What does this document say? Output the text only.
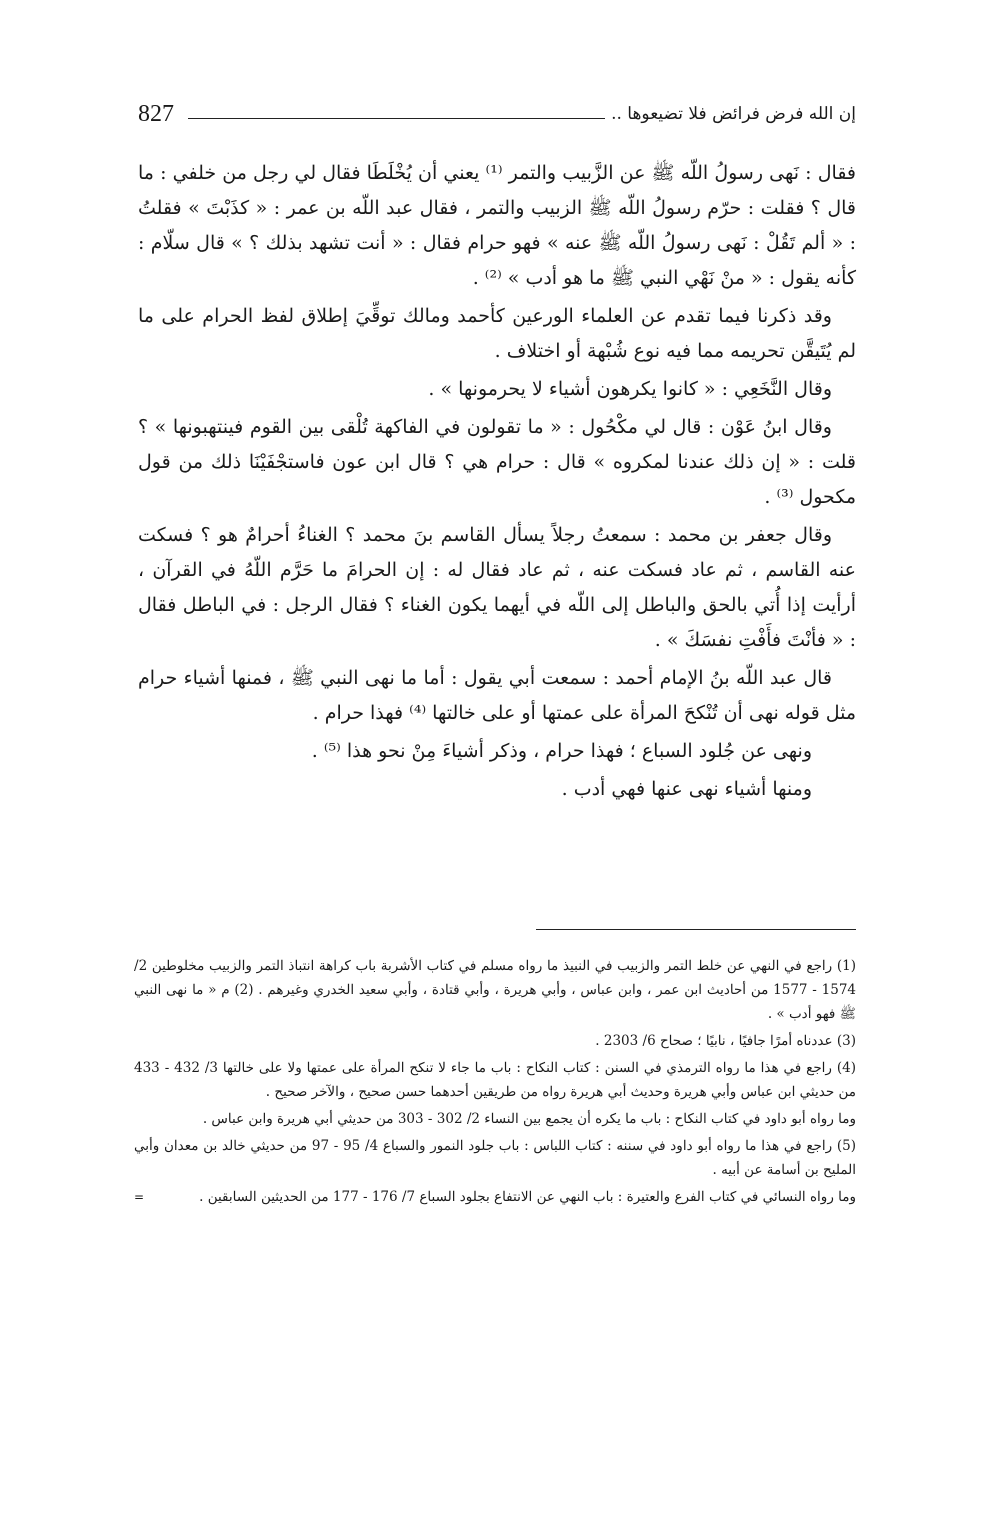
827	إن الله فرض فرائض فلا تضيعوها ..

فقال : نَهى رسولُ اللّه ﷺ عن الزَّبيب والتمر ⁽¹⁾ يعني أن يُخْلَطَا فقال لي رجل من خلفي : ما قال ؟ فقلت : حرّم رسولُ اللّه ﷺ الزبيب والتمر ، فقال عبد اللّه بن عمر : « كذَبْتَ » فقلتُ : « ألم تَقُلْ : نَهى رسولُ اللّه ﷺ عنه » فهو حرام فقال : « أنت تشهد بذلك ؟ » قال سلّام : كأنه يقول : « منْ نَهْي النبي ﷺ ما هو أدب » ⁽²⁾ .

وقد ذكرنا فيما تقدم عن العلماء الورعين كأحمد ومالك توقِّيَ إطلاق لفظ الحرام على ما لم يُتَيقَّن تحريمه مما فيه نوع شُبْهة أو اختلاف .

وقال النَّخَعِي : « كانوا يكرهون أشياء لا يحرمونها » .

وقال ابنُ عَوْن : قال لي مكْحُول : « ما تقولون في الفاكهة تُلْقى بين القوم فينتهبونها » ؟ قلت : « إن ذلك عندنا لمكروه » قال : حرام هي ؟ قال ابن عون فاستجْفَيْنَا ذلك من قول مكحول ⁽³⁾ .

وقال جعفر بن محمد : سمعتُ رجلاً يسأل القاسم بنَ محمد ؟ الغناءُ أحرامٌ هو ؟ فسكت عنه القاسم ، ثم عاد فسكت عنه ، ثم عاد فقال له : إن الحرامَ ما حَرَّم اللّهُ في القرآن ، أرأيت إذا أُتي بالحق والباطل إلى اللّه في أيهما يكون الغناء ؟ فقال الرجل : في الباطل فقال : « فأنْتَ فأَفْتِ نفسَكَ » .

قال عبد اللّه بنُ الإمام أحمد : سمعت أبي يقول : أما ما نهى النبي ﷺ ، فمنها أشياء حرام مثل قوله نهى أن تُنْكحَ المرأة على عمتها أو على خالتها ⁽⁴⁾ فهذا حرام .

ونهى عن جُلود السباع ؛ فهذا حرام ، وذكر أشياءَ مِنْ نحو هذا ⁽⁵⁾ .

ومنها أشياء نهى عنها فهي أدب .

(1) راجع في النهي عن خلط التمر والزبيب في النبيذ ما رواه مسلم في كتاب الأشربة باب كراهة انتباذ التمر والزبيب مخلوطين 2/ 1574 - 1577 من أحاديث ابن عمر ، وابن عباس ، وأبي هريرة ، وأبي قتادة ، وأبي سعيد الخدري وغيرهم . (2) م « ما نهى النبي ﷺ فهو أدب » .

(3) عددناه أمرًا جافيًا ، نابيًا ؛ صحاح 6/ 2303 .

(4) راجع في هذا ما رواه الترمذي في السنن : كتاب النكاح : باب ما جاء لا تنكح المرأة على عمتها ولا على خالتها 3/ 432 - 433 من حديثي ابن عباس وأبي هريرة وحديث أبي هريرة رواه من طريقين أحدهما حسن صحيح ، والآخر صحيح .

وما رواه أبو داود في كتاب النكاح : باب ما يكره أن يجمع بين النساء 2/ 302 - 303 من حديثي أبي هريرة وابن عباس .

(5) راجع في هذا ما رواه أبو داود في سننه : كتاب اللباس : باب جلود النمور والسباع 4/ 95 - 97 من حديثي خالد بن معدان وأبي المليح بن أسامة عن أبيه .

=	وما رواه النسائي في كتاب الفرع والعتيرة : باب النهي عن الانتفاع بجلود السباع 7/ 176 - 177 من الحديثين السابقين .
